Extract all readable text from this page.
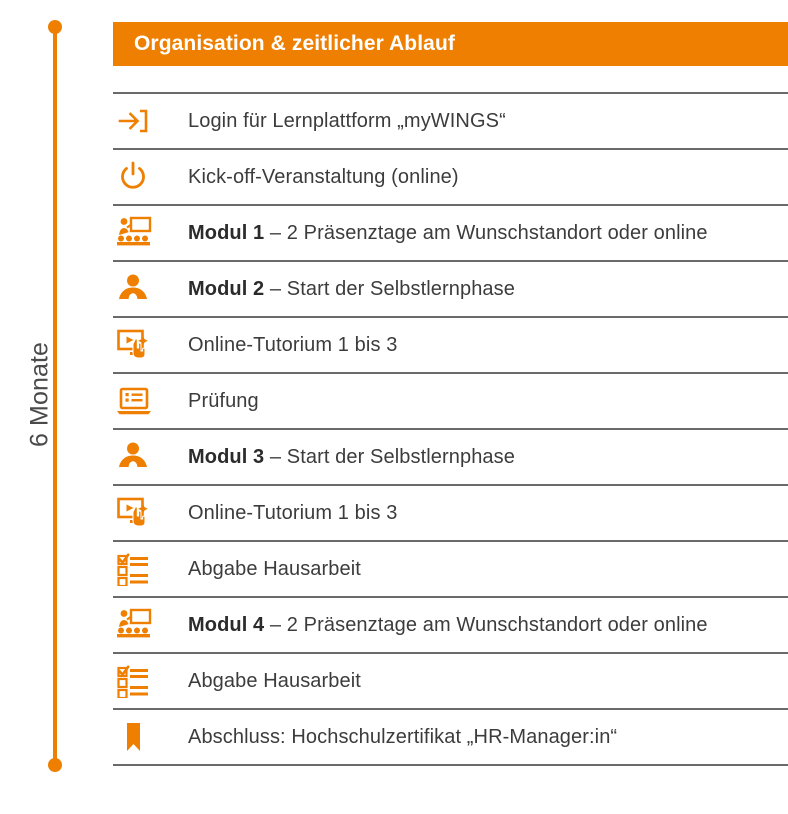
6 Monate
Organisation & zeitlicher Ablauf
Login für Lernplattform „myWINGS“
Kick-off-Veranstaltung (online)
Modul 1 – 2 Präsenztage am Wunschstandort oder online
Modul 2 – Start der Selbstlernphase
Online-Tutorium 1 bis 3
Prüfung
Modul 3 – Start der Selbstlernphase
Online-Tutorium 1 bis 3
Abgabe Hausarbeit
Modul 4 – 2 Präsenztage am Wunschstandort oder online
Abgabe Hausarbeit
Abschluss: Hochschulzertifikat „HR-Manager:in“
